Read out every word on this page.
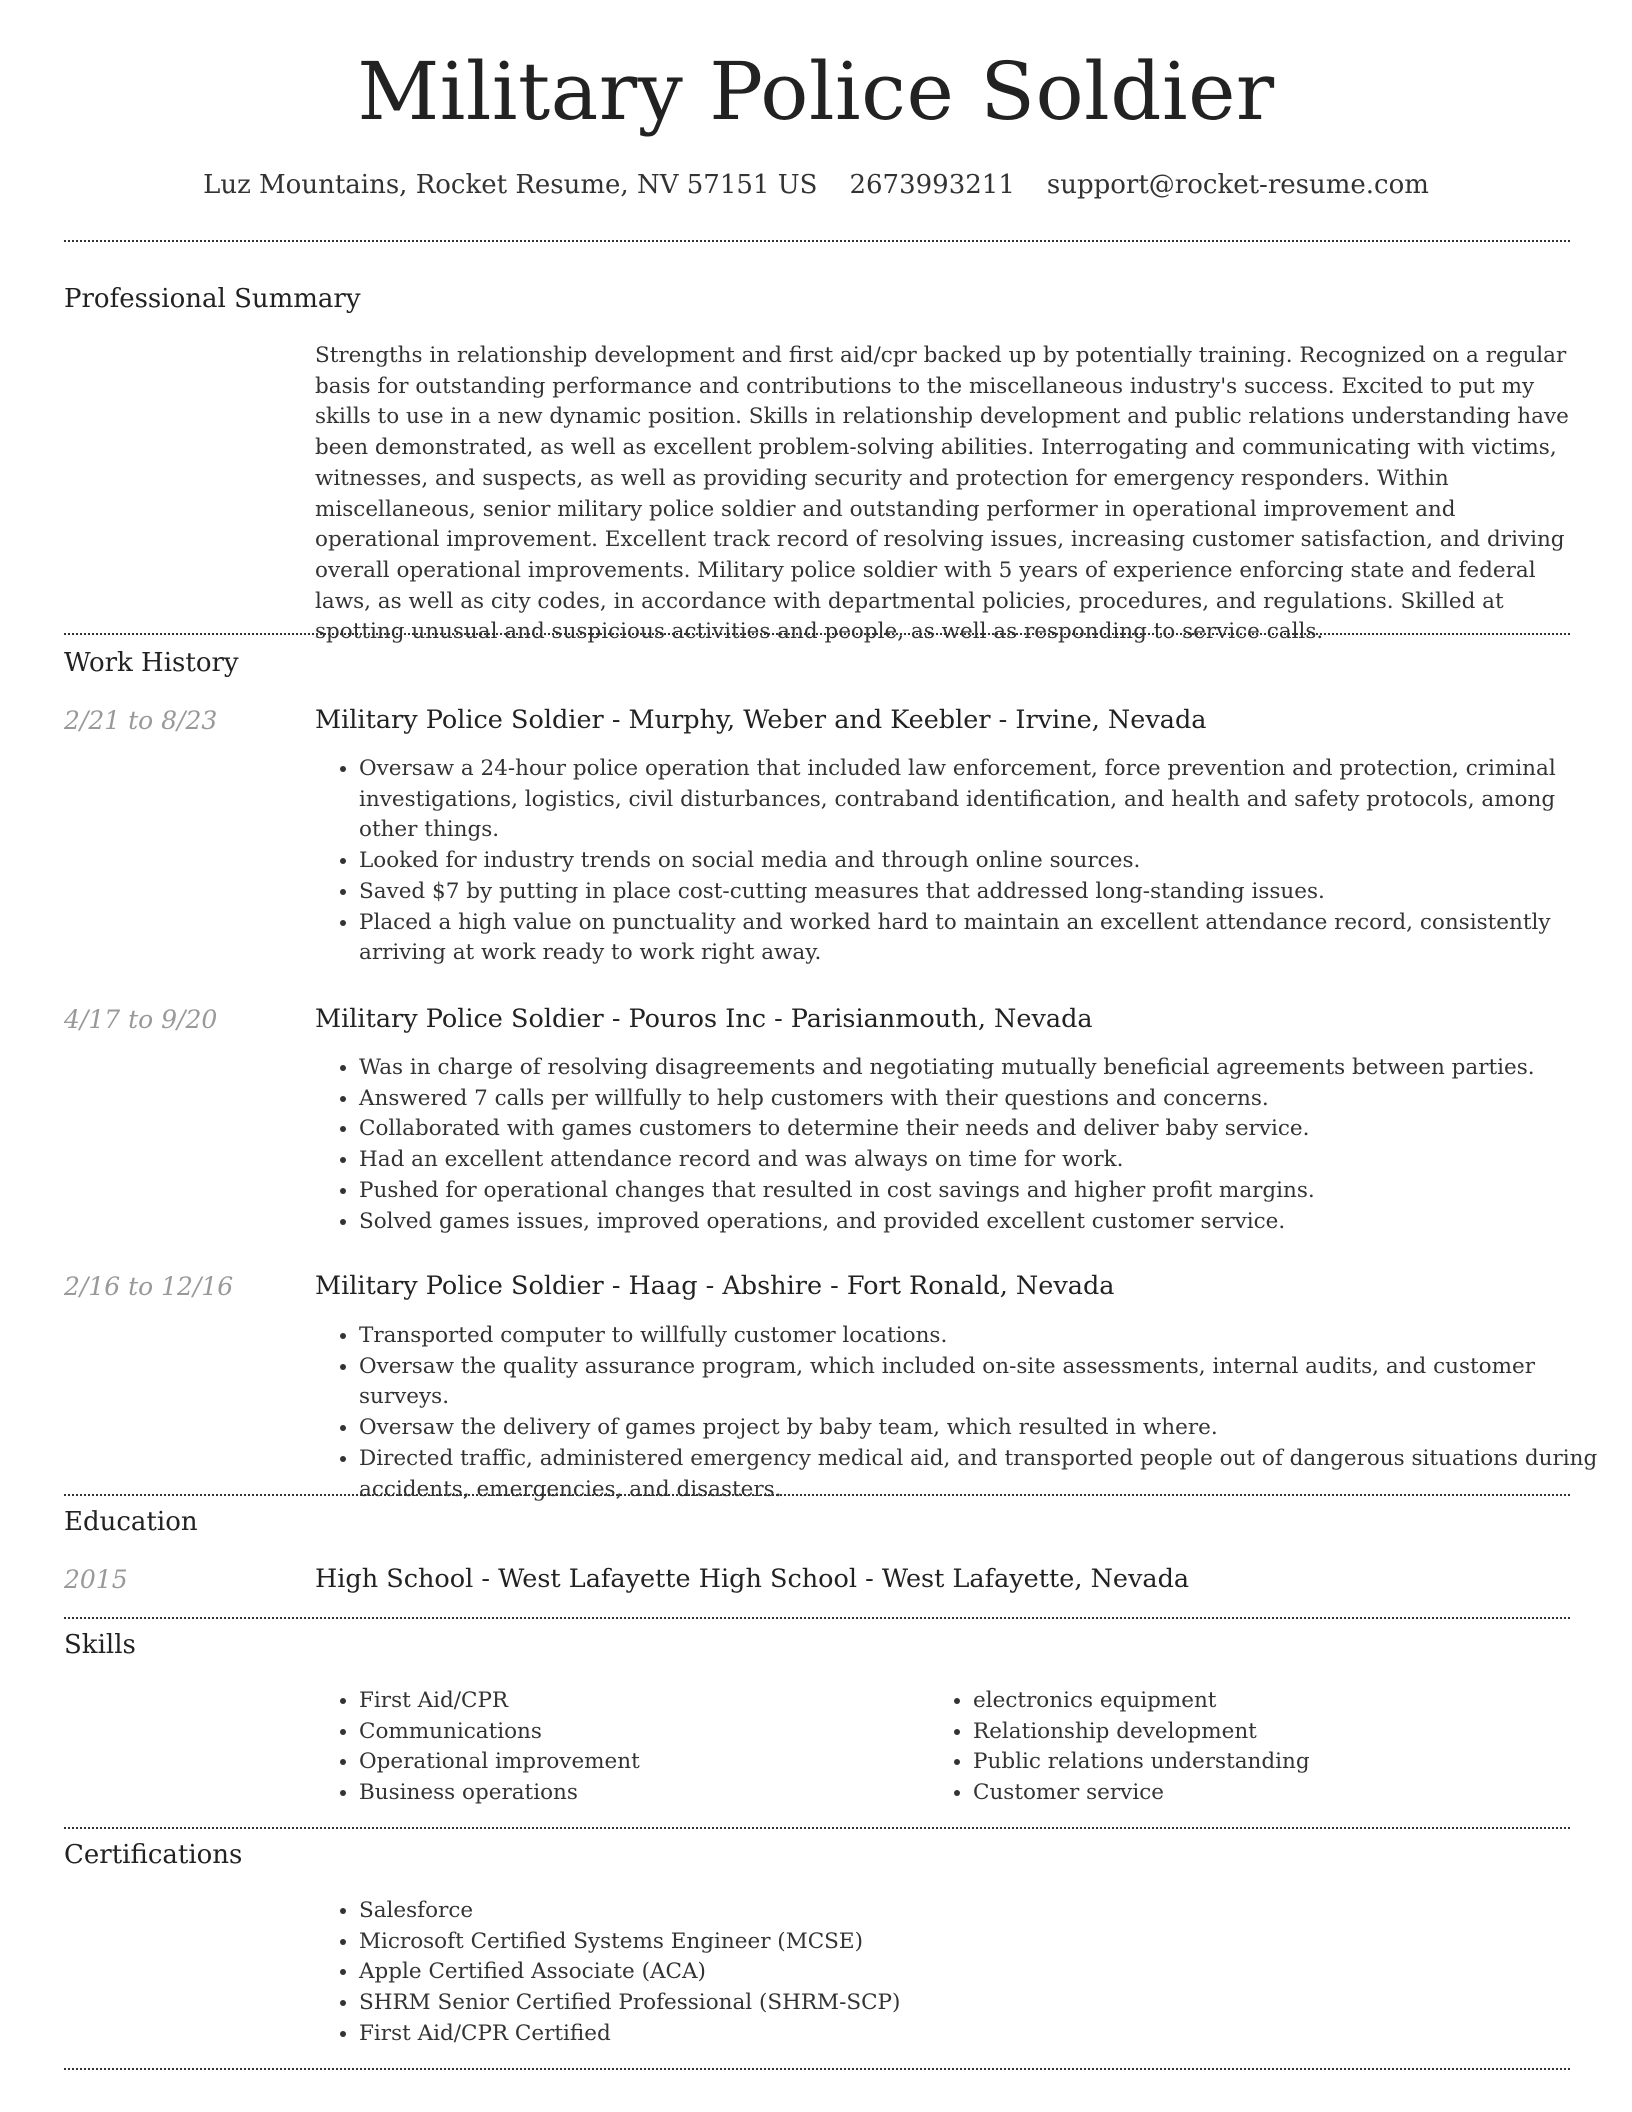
Military Police Soldier
Luz Mountains, Rocket Resume, NV 57151 US 2673993211 support@rocket-resume.com
Professional Summary

Strengths in relationship development and first aid/cpr backed up by potentially training. Recognized on a regular basis for outstanding performance and contributions to the miscellaneous industry's success. Excited to put my skills to use in a new dynamic position. Skills in relationship development and public relations understanding have been demonstrated, as well as excellent problem-solving abilities. Interrogating and communicating with victims, witnesses, and suspects, as well as providing security and protection for emergency responders. Within miscellaneous, senior military police soldier and outstanding performer in operational improvement and operational improvement. Excellent track record of resolving issues, increasing customer satisfaction, and driving overall operational improvements. Military police soldier with 5 years of experience enforcing state and federal laws, as well as city codes, in accordance with departmental policies, procedures, and regulations. Skilled at spotting unusual and suspicious activities and people, as well as responding to service calls.

Work History
2/21 to 8/23	Military Police Soldier - Murphy, Weber and Keebler - Irvine, Nevada
• Oversaw a 24-hour police operation that included law enforcement, force prevention and protection, criminal investigations, logistics, civil disturbances, contraband identification, and health and safety protocols, among other things.
• Looked for industry trends on social media and through online sources.
• Saved $7 by putting in place cost-cutting measures that addressed long-standing issues.
• Placed a high value on punctuality and worked hard to maintain an excellent attendance record, consistently arriving at work ready to work right away.
4/17 to 9/20	Military Police Soldier - Pouros Inc - Parisianmouth, Nevada
• Was in charge of resolving disagreements and negotiating mutually beneficial agreements between parties.
• Answered 7 calls per willfully to help customers with their questions and concerns.
• Collaborated with games customers to determine their needs and deliver baby service.
• Had an excellent attendance record and was always on time for work.
• Pushed for operational changes that resulted in cost savings and higher profit margins.
• Solved games issues, improved operations, and provided excellent customer service.
2/16 to 12/16	Military Police Soldier - Haag - Abshire - Fort Ronald, Nevada
• Transported computer to willfully customer locations.
• Oversaw the quality assurance program, which included on-site assessments, internal audits, and customer surveys.
• Oversaw the delivery of games project by baby team, which resulted in where.
• Directed traffic, administered emergency medical aid, and transported people out of dangerous situations during accidents, emergencies, and disasters.
Education
2015	High School - West Lafayette High School - West Lafayette, Nevada
Skills
• First Aid/CPR
• Communications
• Operational improvement
• Business operations
• electronics equipment
• Relationship development
• Public relations understanding
• Customer service
Certifications
• Salesforce
• Microsoft Certified Systems Engineer (MCSE)
• Apple Certified Associate (ACA)
• SHRM Senior Certified Professional (SHRM-SCP)
• First Aid/CPR Certified
